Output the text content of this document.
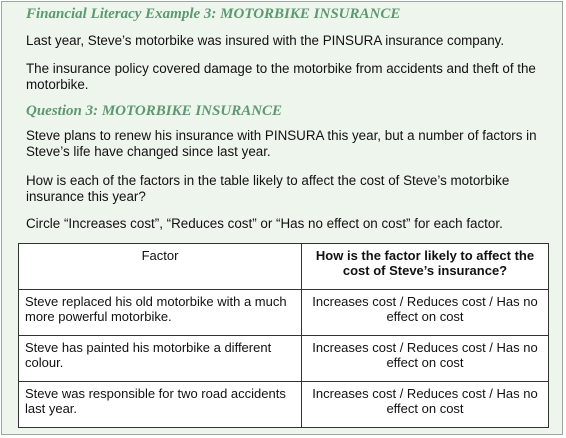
Financial Literacy Example 3: MOTORBIKE INSURANCE

Last year, Steve’s motorbike was insured with the PINSURA insurance company.

The insurance policy covered damage to the motorbike from accidents and theft of the motorbike.

Question 3: MOTORBIKE INSURANCE

Steve plans to renew his insurance with PINSURA this year, but a number of factors in Steve’s life have changed since last year.

How is each of the factors in the table likely to affect the cost of Steve’s motorbike insurance this year?

Circle “Increases cost”, “Reduces cost” or “Has no effect on cost” for each factor.

Factor	How is the factor likely to affect the cost of Steve’s insurance?
Steve replaced his old motorbike with a much more powerful motorbike.	Increases cost / Reduces cost / Has no effect on cost
Steve has painted his motorbike a different colour.	Increases cost / Reduces cost / Has no effect on cost
Steve was responsible for two road accidents last year.	Increases cost / Reduces cost / Has no effect on cost
